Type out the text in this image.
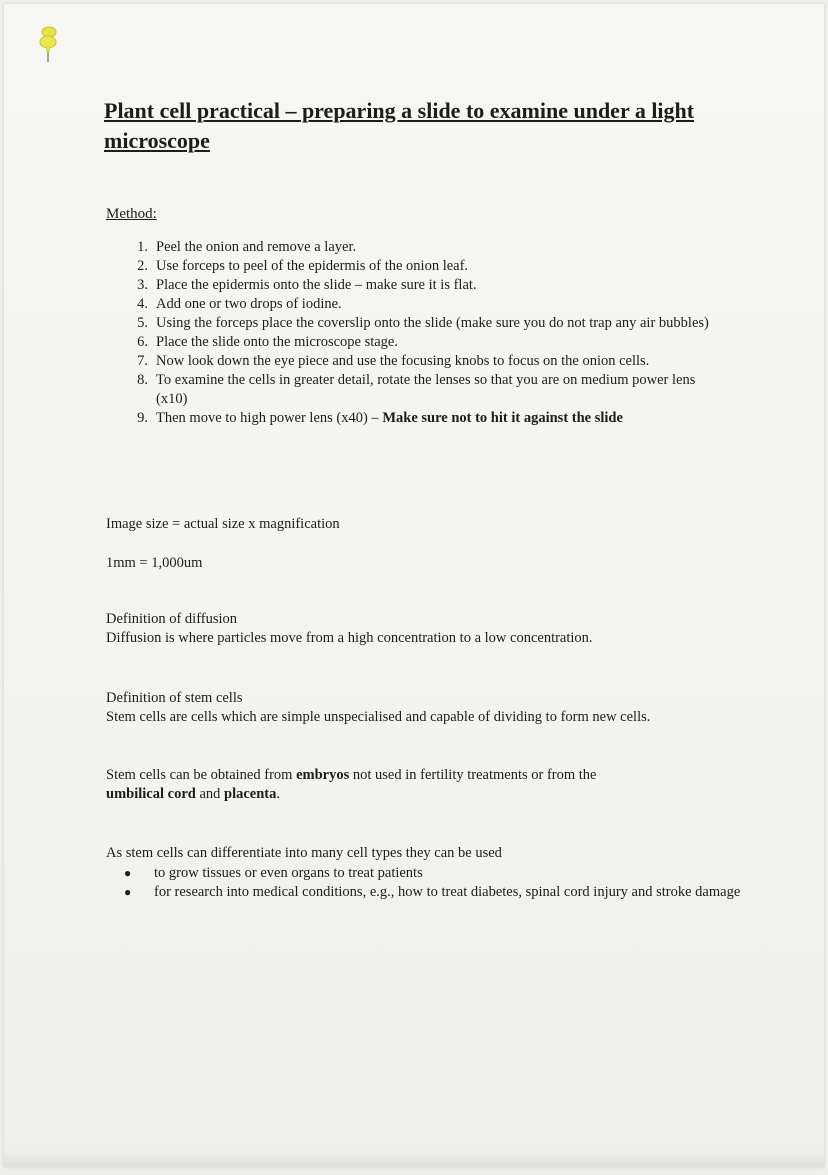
Plant cell practical – preparing a slide to examine under a light microscope

Method:

1. Peel the onion and remove a layer.
2. Use forceps to peel of the epidermis of the onion leaf.
3. Place the epidermis onto the slide – make sure it is flat.
4. Add one or two drops of iodine.
5. Using the forceps place the coverslip onto the slide (make sure you do not trap any air bubbles)
6. Place the slide onto the microscope stage.
7. Now look down the eye piece and use the focusing knobs to focus on the onion cells.
8. To examine the cells in greater detail, rotate the lenses so that you are on medium power lens (x10)
9. Then move to high power lens (x40) – Make sure not to hit it against the slide

Image size = actual size x magnification

1mm = 1,000um

Definition of diffusion

Diffusion is where particles move from a high concentration to a low concentration.

Definition of stem cells

Stem cells are cells which are simple unspecialised and capable of dividing to form new cells.

Stem cells can be obtained from embryos not used in fertility treatments or from the
umbilical cord and placenta.

As stem cells can differentiate into many cell types they can be used

●	to grow tissues or even organs to treat patients
●	for research into medical conditions, e.g., how to treat diabetes, spinal cord injury and stroke damage
